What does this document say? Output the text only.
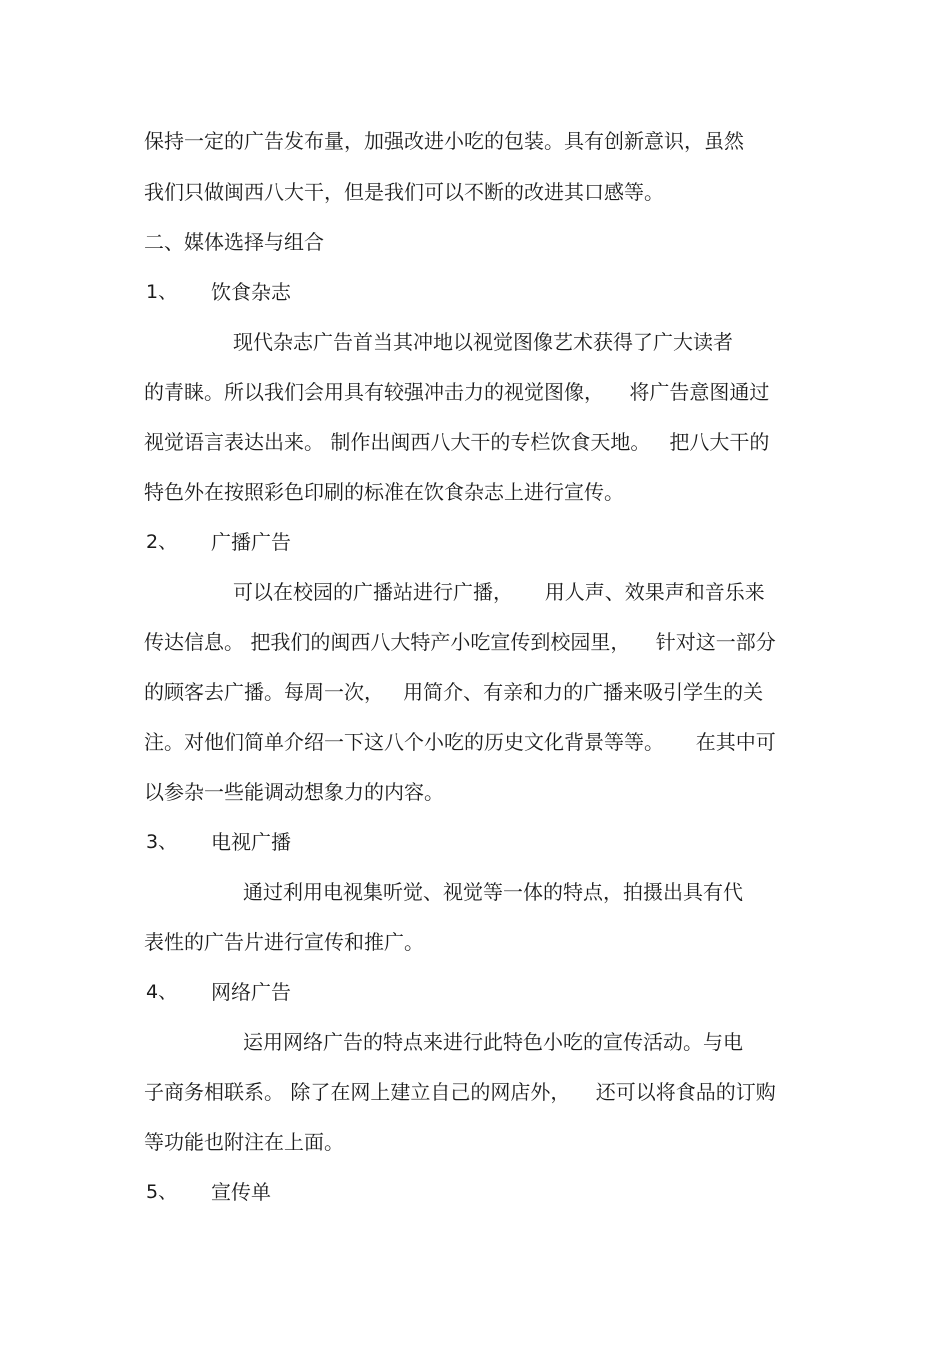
保持一定的广告发布量，加强改进小吃的包装。具有创新意识，虽然
我们只做闽西八大干，但是我们可以不断的改进其口感等。
二、媒体选择与组合
1、 饮食杂志
现代杂志广告首当其冲地以视觉图像艺术获得了广大读者
的青睐。所以我们会用具有较强冲击力的视觉图像，    将广告意图通过
视觉语言表达出来。 制作出闽西八大干的专栏饮食天地。   把八大干的
特色外在按照彩色印刷的标准在饮食杂志上进行宣传。
2、 广播广告
可以在校园的广播站进行广播，     用人声、效果声和音乐来
传达信息。 把我们的闽西八大特产小吃宣传到校园里，    针对这一部分
的顾客去广播。每周一次，   用简介、有亲和力的广播来吸引学生的关
注。对他们简单介绍一下这八个小吃的历史文化背景等等。     在其中可
以参杂一些能调动想象力的内容。
3、 电视广播
通过利用电视集听觉、视觉等一体的特点，拍摄出具有代
表性的广告片进行宣传和推广。
4、 网络广告
运用网络广告的特点来进行此特色小吃的宣传活动。与电
子商务相联系。 除了在网上建立自己的网店外，    还可以将食品的订购
等功能也附注在上面。
5、 宣传单
